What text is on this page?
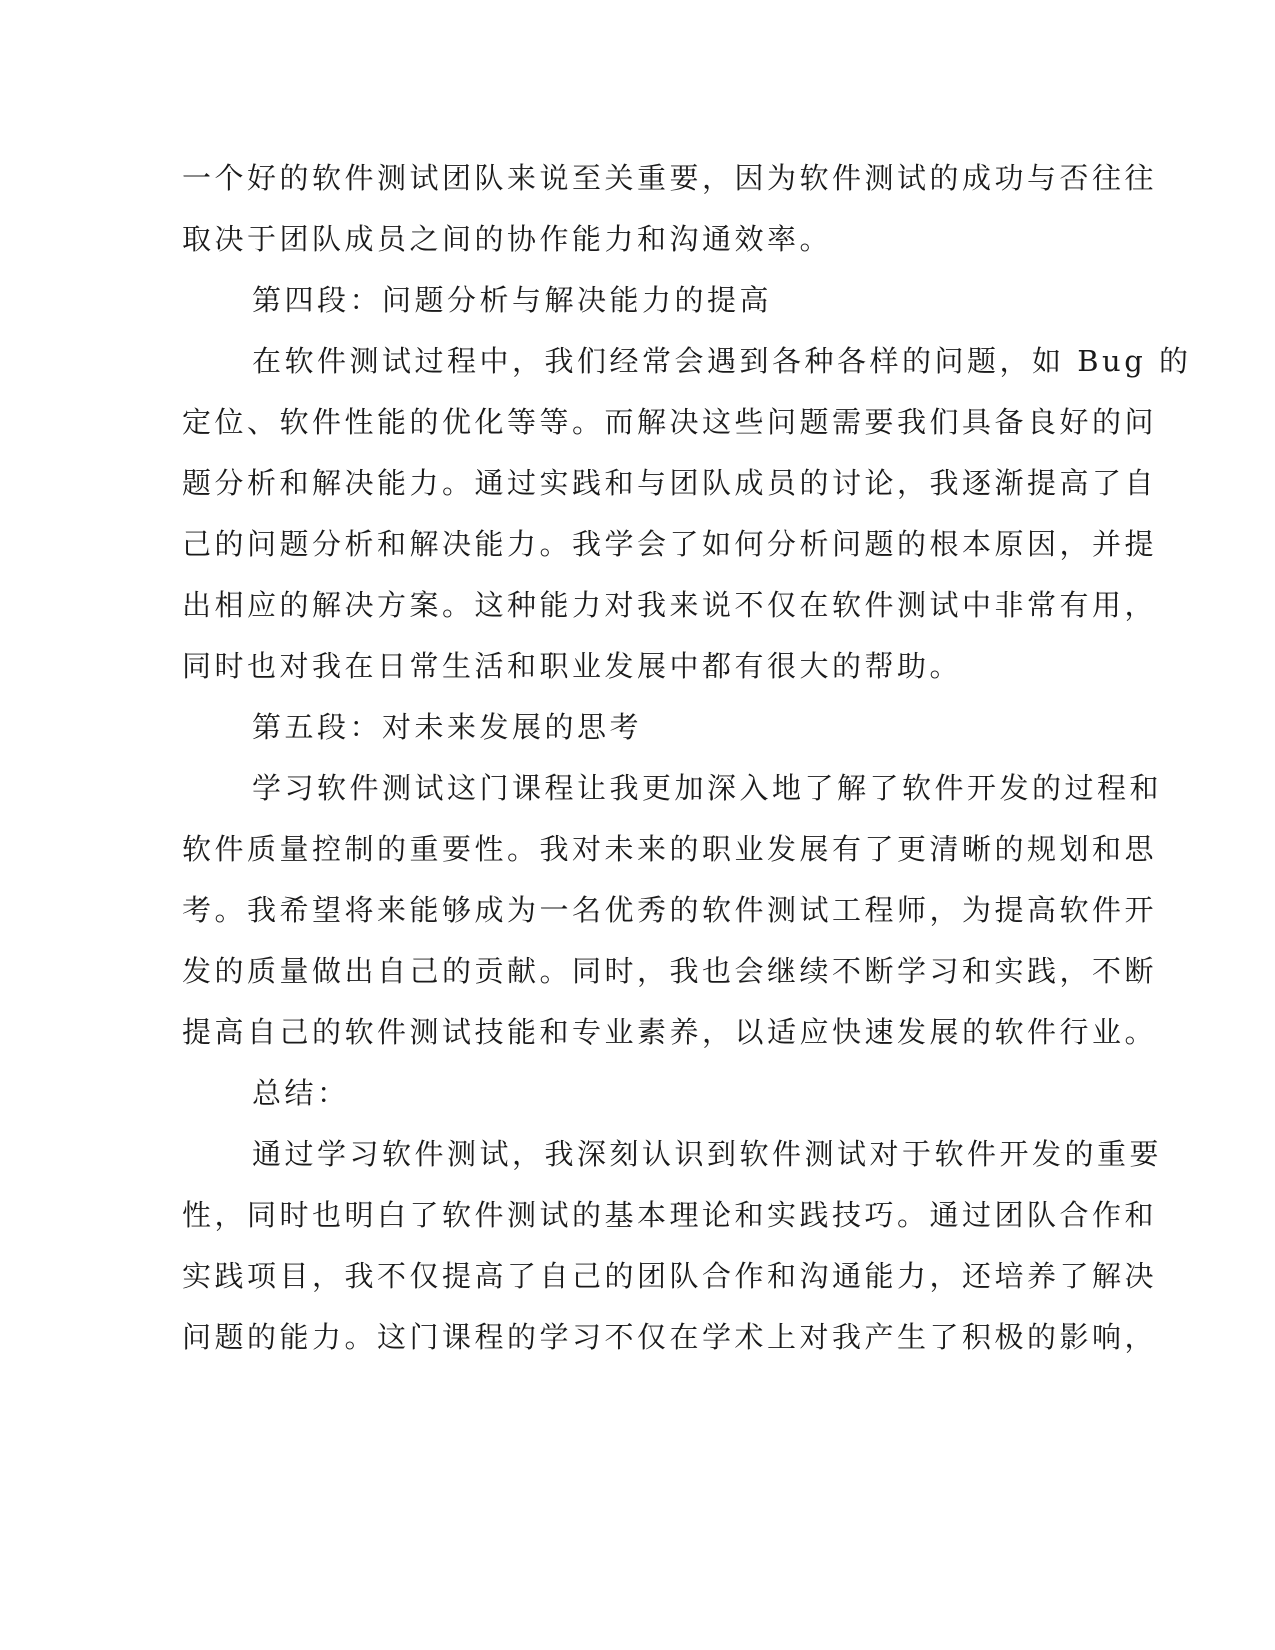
一个好的软件测试团队来说至关重要，因为软件测试的成功与否往往
取决于团队成员之间的协作能力和沟通效率。
第四段：问题分析与解决能力的提高
在软件测试过程中，我们经常会遇到各种各样的问题，如 Bug 的
定位、软件性能的优化等等。而解决这些问题需要我们具备良好的问
题分析和解决能力。通过实践和与团队成员的讨论，我逐渐提高了自
己的问题分析和解决能力。我学会了如何分析问题的根本原因，并提
出相应的解决方案。这种能力对我来说不仅在软件测试中非常有用，
同时也对我在日常生活和职业发展中都有很大的帮助。
第五段：对未来发展的思考
学习软件测试这门课程让我更加深入地了解了软件开发的过程和
软件质量控制的重要性。我对未来的职业发展有了更清晰的规划和思
考。我希望将来能够成为一名优秀的软件测试工程师，为提高软件开
发的质量做出自己的贡献。同时，我也会继续不断学习和实践，不断
提高自己的软件测试技能和专业素养，以适应快速发展的软件行业。
总结：
通过学习软件测试，我深刻认识到软件测试对于软件开发的重要
性，同时也明白了软件测试的基本理论和实践技巧。通过团队合作和
实践项目，我不仅提高了自己的团队合作和沟通能力，还培养了解决
问题的能力。这门课程的学习不仅在学术上对我产生了积极的影响，
